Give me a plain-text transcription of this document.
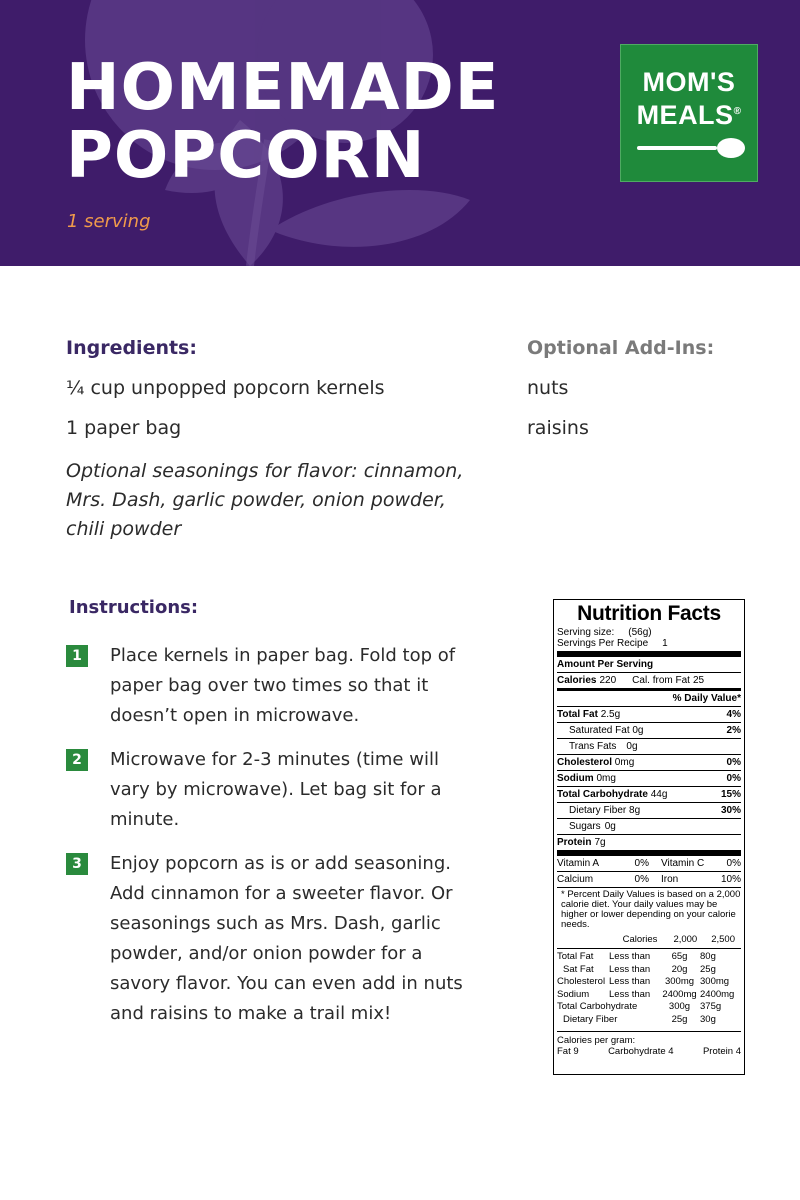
HOMEMADE
POPCORN
1 serving
MOM'S
MEALS®
Ingredients:
¼ cup unpopped popcorn kernels
1 paper bag
Optional seasonings for flavor: cinnamon, Mrs. Dash, garlic powder, onion powder, chili powder
Optional Add-Ins:
nuts
raisins
Instructions:
1	Place kernels in paper bag. Fold top of paper bag over two times so that it doesn’t open in microwave.
2	Microwave for 2-3 minutes (time will vary by microwave). Let bag sit for a minute.
3	Enjoy popcorn as is or add seasoning. Add cinnamon for a sweeter flavor. Or seasonings such as Mrs. Dash, garlic powder, and/or onion powder for a savory flavor. You can even add in nuts and raisins to make a trail mix!
Nutrition Facts
Serving size: (56g)
Servings Per Recipe 1
Amount Per Serving
Calories 220 Cal. from Fat 25
% Daily Value*
Total Fat 2.5g	4%
Saturated Fat 0g	2%
Trans Fats 0g
Cholesterol 0mg	0%
Sodium 0mg	0%
Total Carbohydrate 44g	15%
Dietary Fiber 8g	30%
Sugars 0g
Protein 7g
Vitamin A	0% Vitamin C 0%
Calcium	0% Iron	10%
* Percent Daily Values is based on a 2,000 calorie diet. Your daily values may be higher or lower depending on your calorie needs.
Calories 2,000 2,500
Total Fat	Less than	65g	80g
Sat Fat	Less than	20g	25g
Cholesterol Less than	300mg 300mg
Sodium	Less than	2400mg 2400mg
Total Carbohydrate	300g	375g
Dietary Fiber	25g	30g
Calories per gram:
Fat 9	Carbohydrate 4	Protein 4
